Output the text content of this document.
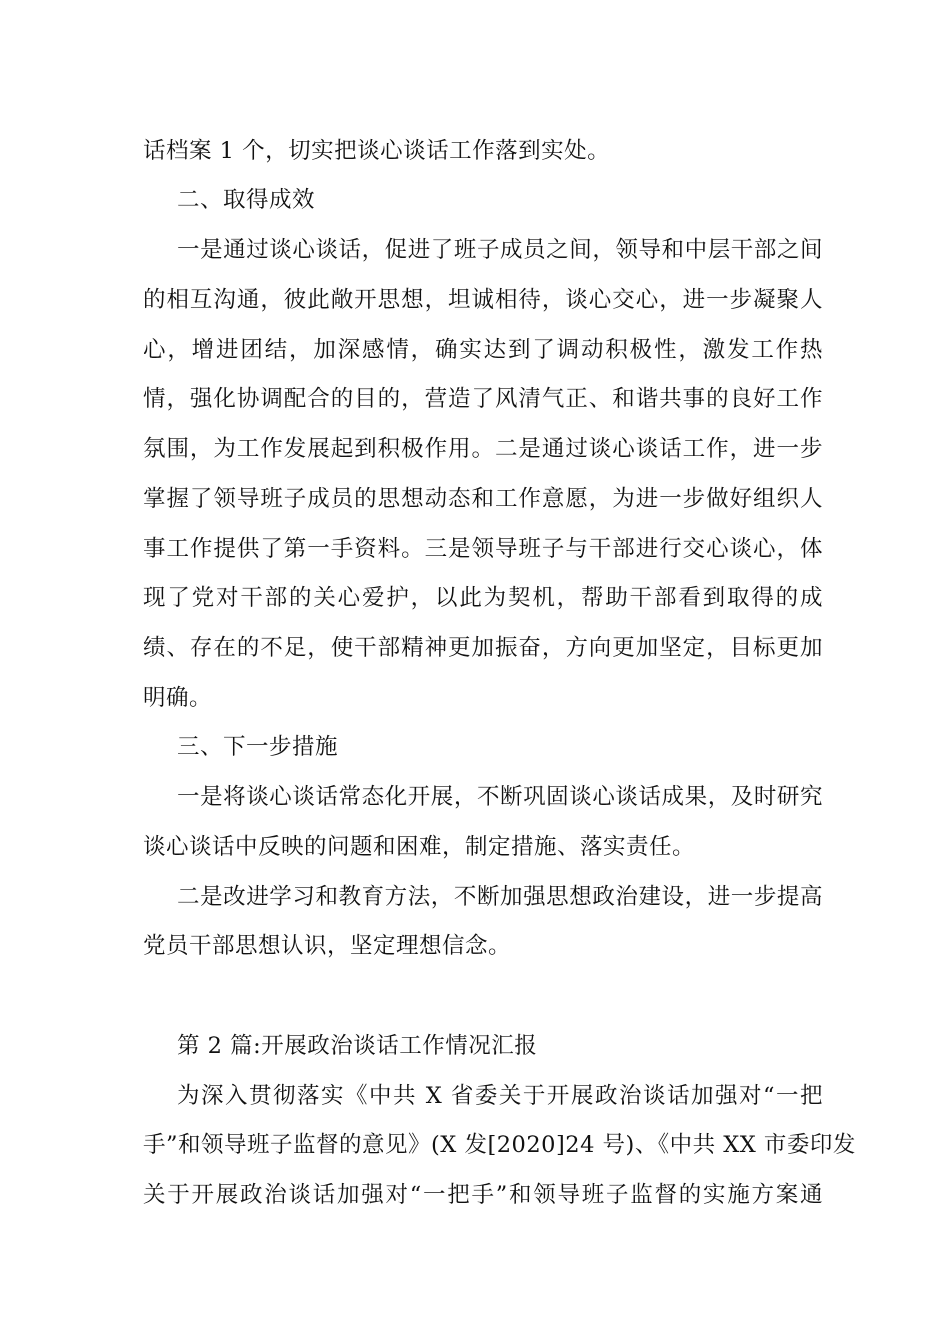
话档案 1 个，切实把谈心谈话工作落到实处。
二、取得成效
一是通过谈心谈话，促进了班子成员之间，领导和中层干部之间
的相互沟通，彼此敞开思想，坦诚相待，谈心交心，进一步凝聚人
心，增进团结，加深感情，确实达到了调动积极性，激发工作热
情，强化协调配合的目的，营造了风清气正、和谐共事的良好工作
氛围，为工作发展起到积极作用。二是通过谈心谈话工作，进一步
掌握了领导班子成员的思想动态和工作意愿，为进一步做好组织人
事工作提供了第一手资料。三是领导班子与干部进行交心谈心，体
现了党对干部的关心爱护，以此为契机，帮助干部看到取得的成
绩、存在的不足，使干部精神更加振奋，方向更加坚定，目标更加
明确。
三、下一步措施
一是将谈心谈话常态化开展，不断巩固谈心谈话成果，及时研究
谈心谈话中反映的问题和困难，制定措施、落实责任。
二是改进学习和教育方法，不断加强思想政治建设，进一步提高
党员干部思想认识，坚定理想信念。
第 2 篇:开展政治谈话工作情况汇报
为深入贯彻落实《中共 X 省委关于开展政治谈话加强对“一把
手”和领导班子监督的意见》(X 发[2020]24 号)、《中共 XX 市委印发
关于开展政治谈话加强对“一把手”和领导班子监督的实施方案通
